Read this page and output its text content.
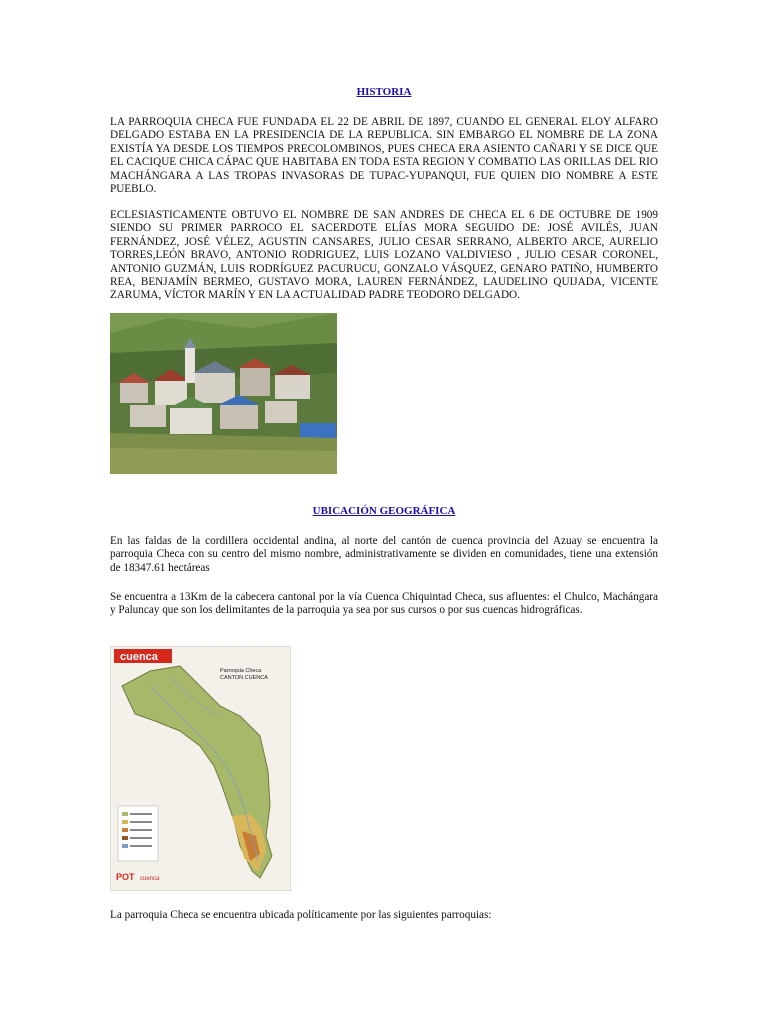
HISTORIA

LA PARROQUIA CHECA FUE FUNDADA EL 22 DE ABRIL DE 1897, CUANDO EL GENERAL ELOY ALFARO DELGADO ESTABA EN LA PRESIDENCIA DE LA REPUBLICA. SIN EMBARGO EL NOMBRE DE LA ZONA EXISTÍA YA DESDE LOS TIEMPOS PRECOLOMBINOS, PUES CHECA ERA ASIENTO CAÑARI Y SE DICE QUE EL CACIQUE CHICA CÁPAC QUE HABITABA EN TODA ESTA REGION Y COMBATIO LAS ORILLAS DEL RIO MACHÁNGARA A LAS TROPAS INVASORAS DE TUPAC-YUPANQUI, FUE QUIEN DIO NOMBRE A ESTE PUEBLO.

ECLESIASTICAMENTE OBTUVO EL NOMBRE DE SAN ANDRES DE CHECA EL 6 DE OCTUBRE DE 1909 SIENDO SU PRIMER PARROCO EL SACERDOTE ELÍAS MORA SEGUIDO DE: JOSÉ AVILÉS, JUAN FERNÁNDEZ, JOSÉ VÉLEZ, AGUSTIN CANSARES, JULIO CESAR SERRANO, ALBERTO ARCE, AURELIO TORRES,LEÓN BRAVO, ANTONIO RODRIGUEZ, LUIS LOZANO VALDIVIESO , JULIO CESAR CORONEL, ANTONIO GUZMÁN, LUIS RODRÍGUEZ PACURUCU, GONZALO VÁSQUEZ, GENARO PATIÑO, HUMBERTO REA, BENJAMÍN BERMEO, GUSTAVO MORA, LAUREN FERNÁNDEZ, LAUDELINO QUIJADA, VICENTE ZARUMA, VÍCTOR MARÍN Y EN LA ACTUALIDAD PADRE TEODORO DELGADO.

UBICACIÓN GEOGRÁFICA

En las faldas de la cordillera occidental andina, al norte del cantón de cuenca provincia del Azuay se encuentra la parroquia Checa con su centro del mismo nombre, administrativamente se dividen en comunidades, tiene una extensión de 18347.61 hectáreas

Se encuentra a 13Km de la cabecera cantonal por la vía Cuenca Chiquintad Checa, sus afluentes: el Chulco, Machángara y Paluncay que son los delimitantes de la parroquia ya sea por sus cursos o por sus cuencas hidrográficas.

cuenca
Parroquia Checa
CANTON CUENCA
POT cuenca

La parroquia Checa se encuentra ubicada políticamente por las siguientes parroquias:
